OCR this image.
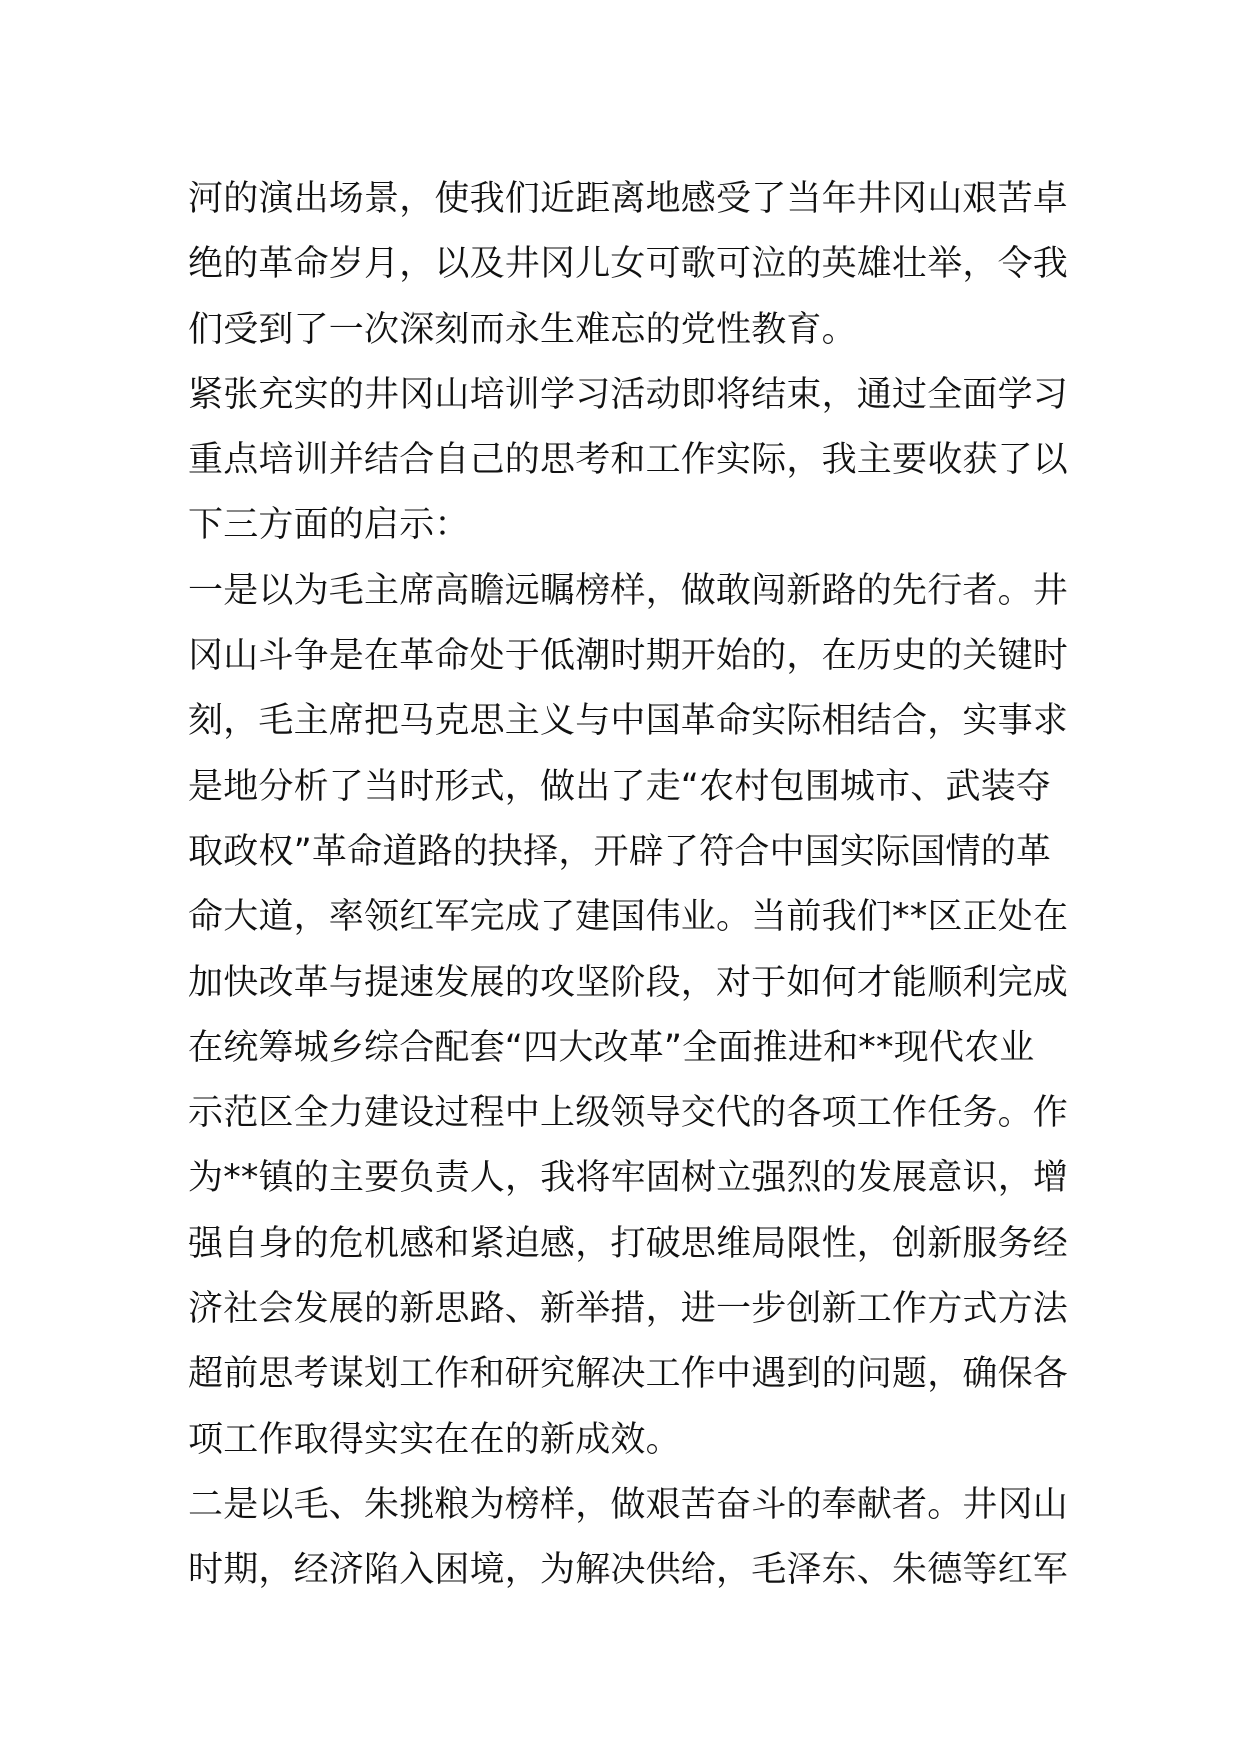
河的演出场景，使我们近距离地感受了当年井冈山艰苦卓
绝的革命岁月，以及井冈儿女可歌可泣的英雄壮举，令我
们受到了一次深刻而永生难忘的党性教育。
紧张充实的井冈山培训学习活动即将结束，通过全面学习
重点培训并结合自己的思考和工作实际，我主要收获了以
下三方面的启示：
一是以为毛主席高瞻远瞩榜样，做敢闯新路的先行者。井
冈山斗争是在革命处于低潮时期开始的，在历史的关键时
刻，毛主席把马克思主义与中国革命实际相结合，实事求
是地分析了当时形式，做出了走“农村包围城市、武装夺
取政权”革命道路的抉择，开辟了符合中国实际国情的革
命大道，率领红军完成了建国伟业。当前我们**区正处在
加快改革与提速发展的攻坚阶段，对于如何才能顺利完成
在统筹城乡综合配套“四大改革”全面推进和**现代农业
示范区全力建设过程中上级领导交代的各项工作任务。作
为**镇的主要负责人，我将牢固树立强烈的发展意识，增
强自身的危机感和紧迫感，打破思维局限性，创新服务经
济社会发展的新思路、新举措，进一步创新工作方式方法
超前思考谋划工作和研究解决工作中遇到的问题，确保各
项工作取得实实在在的新成效。
二是以毛、朱挑粮为榜样，做艰苦奋斗的奉献者。井冈山
时期，经济陷入困境，为解决供给，毛泽东、朱德等红军
